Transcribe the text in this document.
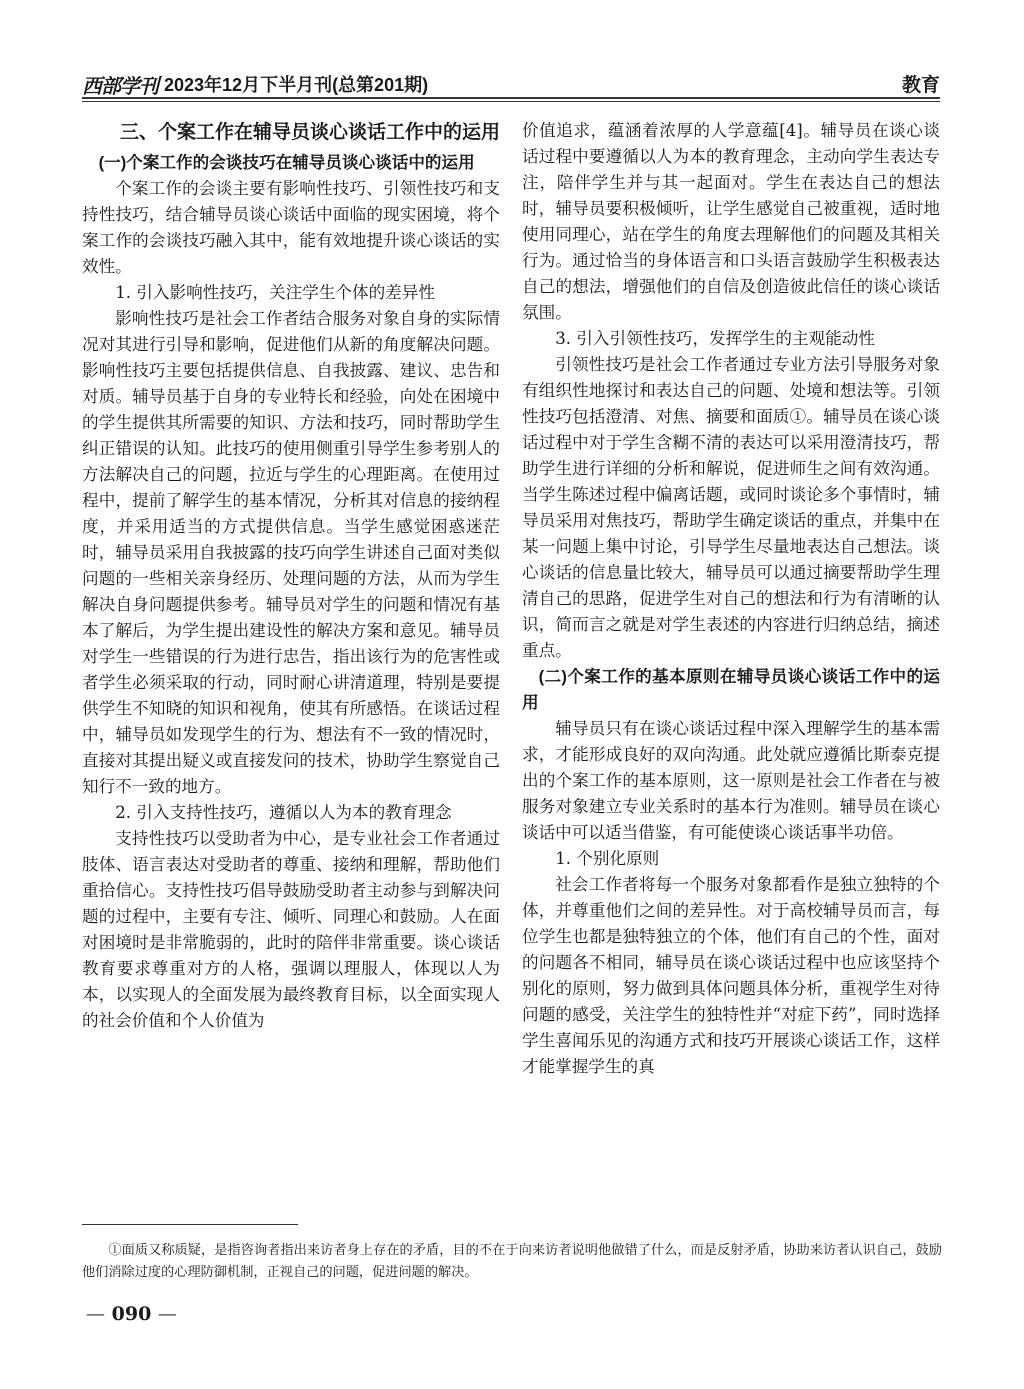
西部学刊 2023年12月下半月刊(总第201期)	教育

三、个案工作在辅导员谈心谈话工作中的运用

(一)个案工作的会谈技巧在辅导员谈心谈话中的运用

个案工作的会谈主要有影响性技巧、引领性技巧和支持性技巧，结合辅导员谈心谈话中面临的现实困境，将个案工作的会谈技巧融入其中，能有效地提升谈心谈话的实效性。

1. 引入影响性技巧，关注学生个体的差异性

影响性技巧是社会工作者结合服务对象自身的实际情况对其进行引导和影响，促进他们从新的角度解决问题。影响性技巧主要包括提供信息、自我披露、建议、忠告和对质。辅导员基于自身的专业特长和经验，向处在困境中的学生提供其所需要的知识、方法和技巧，同时帮助学生纠正错误的认知。此技巧的使用侧重引导学生参考别人的方法解决自己的问题，拉近与学生的心理距离。在使用过程中，提前了解学生的基本情况，分析其对信息的接纳程度，并采用适当的方式提供信息。当学生感觉困惑迷茫时，辅导员采用自我披露的技巧向学生讲述自己面对类似问题的一些相关亲身经历、处理问题的方法，从而为学生解决自身问题提供参考。辅导员对学生的问题和情况有基本了解后，为学生提出建设性的解决方案和意见。辅导员对学生一些错误的行为进行忠告，指出该行为的危害性或者学生必须采取的行动，同时耐心讲清道理，特别是要提供学生不知晓的知识和视角，使其有所感悟。在谈话过程中，辅导员如发现学生的行为、想法有不一致的情况时，直接对其提出疑义或直接发问的技术，协助学生察觉自己知行不一致的地方。

2. 引入支持性技巧，遵循以人为本的教育理念

支持性技巧以受助者为中心，是专业社会工作者通过肢体、语言表达对受助者的尊重、接纳和理解，帮助他们重拾信心。支持性技巧倡导鼓励受助者主动参与到解决问题的过程中，主要有专注、倾听、同理心和鼓励。人在面对困境时是非常脆弱的，此时的陪伴非常重要。谈心谈话教育要求尊重对方的人格，强调以理服人，体现以人为本，以实现人的全面发展为最终教育目标，以全面实现人的社会价值和个人价值为

价值追求，蕴涵着浓厚的人学意蕴[4]。辅导员在谈心谈话过程中要遵循以人为本的教育理念，主动向学生表达专注，陪伴学生并与其一起面对。学生在表达自己的想法时，辅导员要积极倾听，让学生感觉自己被重视，适时地使用同理心，站在学生的角度去理解他们的问题及其相关行为。通过恰当的身体语言和口头语言鼓励学生积极表达自己的想法，增强他们的自信及创造彼此信任的谈心谈话氛围。

3. 引入引领性技巧，发挥学生的主观能动性

引领性技巧是社会工作者通过专业方法引导服务对象有组织性地探讨和表达自己的问题、处境和想法等。引领性技巧包括澄清、对焦、摘要和面质①。辅导员在谈心谈话过程中对于学生含糊不清的表达可以采用澄清技巧，帮助学生进行详细的分析和解说，促进师生之间有效沟通。当学生陈述过程中偏离话题，或同时谈论多个事情时，辅导员采用对焦技巧，帮助学生确定谈话的重点，并集中在某一问题上集中讨论，引导学生尽量地表达自己想法。谈心谈话的信息量比较大，辅导员可以通过摘要帮助学生理清自己的思路，促进学生对自己的想法和行为有清晰的认识，简而言之就是对学生表述的内容进行归纳总结，摘述重点。

(二)个案工作的基本原则在辅导员谈心谈话工作中的运用

辅导员只有在谈心谈话过程中深入理解学生的基本需求，才能形成良好的双向沟通。此处就应遵循比斯泰克提出的个案工作的基本原则，这一原则是社会工作者在与被服务对象建立专业关系时的基本行为准则。辅导员在谈心谈话中可以适当借鉴，有可能使谈心谈话事半功倍。

1. 个别化原则

社会工作者将每一个服务对象都看作是独立独特的个体，并尊重他们之间的差异性。对于高校辅导员而言，每位学生也都是独特独立的个体，他们有自己的个性，面对的问题各不相同，辅导员在谈心谈话过程中也应该坚持个别化的原则，努力做到具体问题具体分析，重视学生对待问题的感受，关注学生的独特性并“对症下药”，同时选择学生喜闻乐见的沟通方式和技巧开展谈心谈话工作，这样才能掌握学生的真

①面质又称质疑，是指咨询者指出来访者身上存在的矛盾，目的不在于向来访者说明他做错了什么，而是反射矛盾，协助来访者认识自己，鼓励他们消除过度的心理防御机制，正视自己的问题，促进问题的解决。
— 090 —
